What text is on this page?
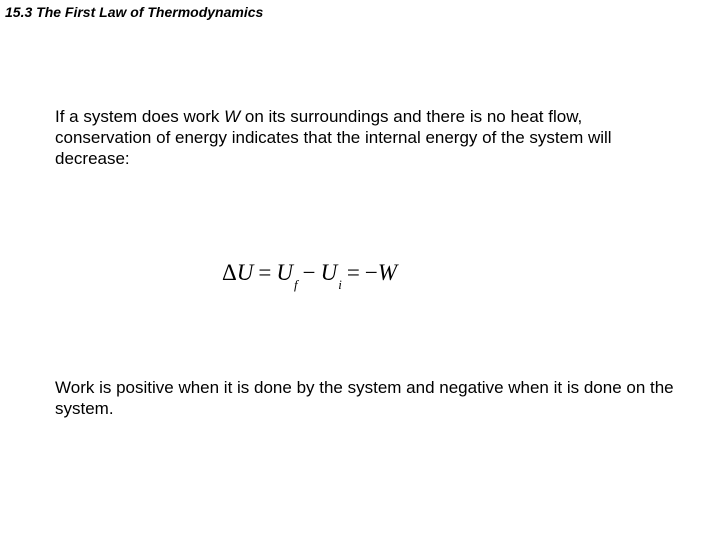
15.3 The First Law of Thermodynamics

If a system does work W on its surroundings and there is no heat flow, conservation of energy indicates that the internal energy of the system will decrease:

$\Delta U = U_f - U_i = -W$

Work is positive when it is done by the system and negative when it is done on the system.
